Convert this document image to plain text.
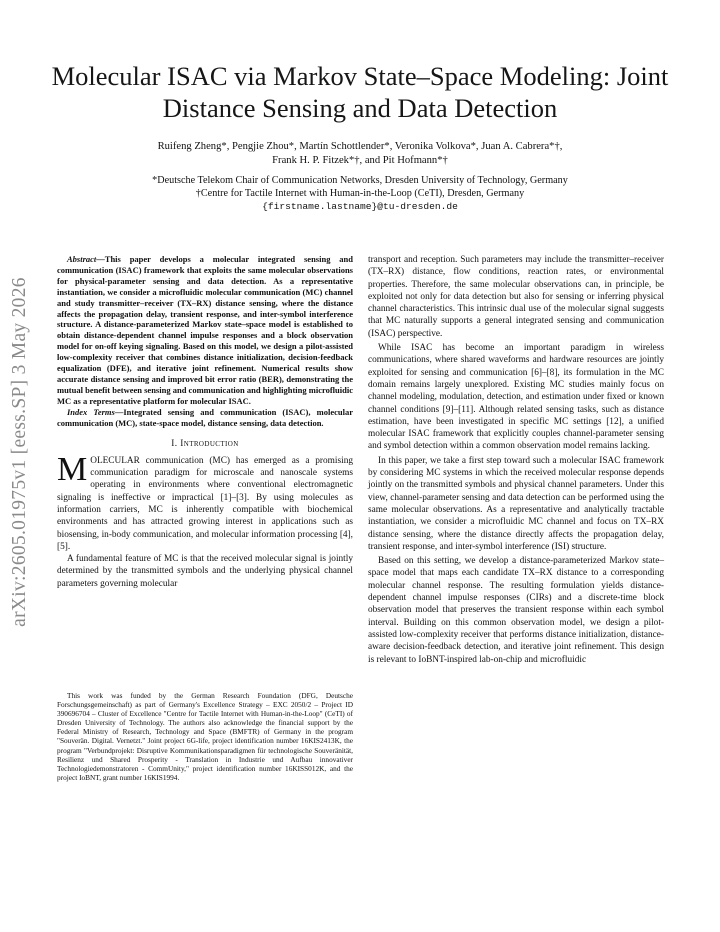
Molecular ISAC via Markov State–Space Modeling: Joint Distance Sensing and Data Detection
Ruifeng Zheng*, Pengjie Zhou*, Martín Schottlender*, Veronika Volkova*, Juan A. Cabrera*†,
Frank H. P. Fitzek*†, and Pit Hofmann*†
*Deutsche Telekom Chair of Communication Networks, Dresden University of Technology, Germany
†Centre for Tactile Internet with Human-in-the-Loop (CeTI), Dresden, Germany
{firstname.lastname}@tu-dresden.de
arXiv:2605.01975v1 [eess.SP] 3 May 2026

Abstract—This paper develops a molecular integrated sensing and communication (ISAC) framework that exploits the same molecular observations for physical-parameter sensing and data detection. As a representative instantiation, we consider a microfluidic molecular communication (MC) channel and study transmitter–receiver (TX–RX) distance sensing, where the distance affects the propagation delay, transient response, and inter-symbol interference structure. A distance-parameterized Markov state–space model is established to obtain distance-dependent channel impulse responses and a block observation model for on-off keying signaling. Based on this model, we design a pilot-assisted low-complexity receiver that combines distance initialization, decision-feedback equalization (DFE), and iterative joint refinement. Numerical results show accurate distance sensing and improved bit error ratio (BER), demonstrating the mutual benefit between sensing and communication and highlighting microfluidic MC as a representative platform for molecular ISAC.

Index Terms—Integrated sensing and communication (ISAC), molecular communication (MC), state-space model, distance sensing, data detection.

I. Introduction

MOLECULAR communication (MC) has emerged as a promising communication paradigm for microscale and nanoscale systems operating in environments where conventional electromagnetic signaling is ineffective or impractical [1]–[3]. By using molecules as information carriers, MC is inherently compatible with biochemical environments and has attracted growing interest in applications such as biosensing, in-body communication, and molecular information processing [4], [5].

A fundamental feature of MC is that the received molecular signal is jointly determined by the transmitted symbols and the underlying physical channel parameters governing molecular

This work was funded by the German Research Foundation (DFG, Deutsche Forschungsgemeinschaft) as part of Germany's Excellence Strategy – EXC 2050/2 – Project ID 390696704 – Cluster of Excellence "Centre for Tactile Internet with Human-in-the-Loop" (CeTI) of Dresden University of Technology. The authors also acknowledge the financial support by the Federal Ministry of Research, Technology and Space (BMFTR) of Germany in the program "Souverän. Digital. Vernetzt." Joint project 6G-life, project identification number 16KIS2413K, the program "Verbundprojekt: Disruptive Kommunikationsparadigmen für technologische Souveränität, Resilienz und Shared Prosperity - Translation in Industrie und Aufbau innovativer Technologiedemonstratoren - CommUnity," project identification number 16KISS012K, and the project IoBNT, grant number 16KIS1994.

transport and reception. Such parameters may include the transmitter–receiver (TX–RX) distance, flow conditions, reaction rates, or environmental properties. Therefore, the same molecular observations can, in principle, be exploited not only for data detection but also for sensing or inferring physical channel characteristics. This intrinsic dual use of the molecular signal suggests that MC naturally supports a general integrated sensing and communication (ISAC) perspective.

While ISAC has become an important paradigm in wireless communications, where shared waveforms and hardware resources are jointly exploited for sensing and communication [6]–[8], its formulation in the MC domain remains largely unexplored. Existing MC studies mainly focus on channel modeling, modulation, detection, and estimation under fixed or known channel conditions [9]–[11]. Although related sensing tasks, such as distance estimation, have been investigated in specific MC settings [12], a unified molecular ISAC framework that explicitly couples channel-parameter sensing and symbol detection within a common observation model remains lacking.

In this paper, we take a first step toward such a molecular ISAC framework by considering MC systems in which the received molecular response depends jointly on the transmitted symbols and physical channel parameters. Under this view, channel-parameter sensing and data detection can be performed using the same molecular observations. As a representative and analytically tractable instantiation, we consider a microfluidic MC channel and focus on TX–RX distance sensing, where the distance directly affects the propagation delay, transient response, and inter-symbol interference (ISI) structure.

Based on this setting, we develop a distance-parameterized Markov state–space model that maps each candidate TX–RX distance to a corresponding molecular channel response. The resulting formulation yields distance-dependent channel impulse responses (CIRs) and a discrete-time block observation model that preserves the transient response within each symbol interval. Building on this common observation model, we design a pilot-assisted low-complexity receiver that performs distance initialization, distance-aware decision-feedback detection, and iterative joint refinement. This design is relevant to IoBNT-inspired lab-on-chip and microfluidic
